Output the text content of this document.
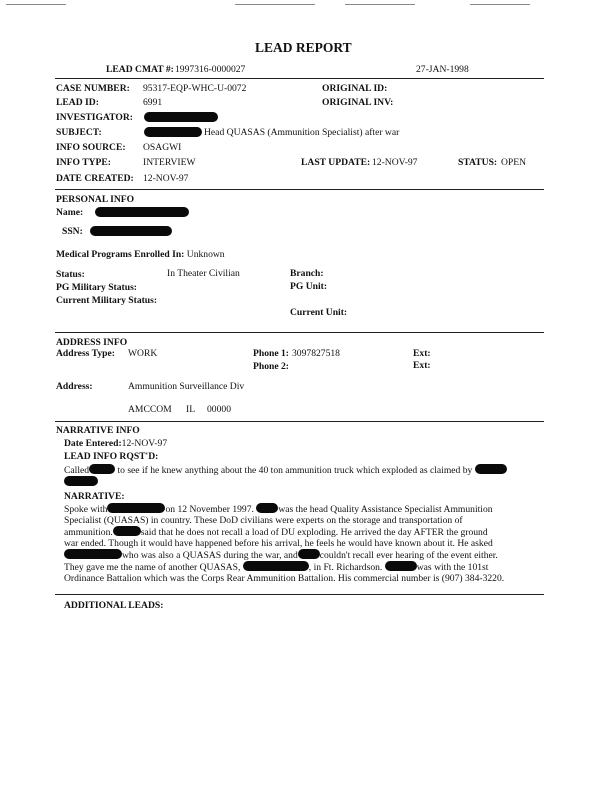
LEAD REPORT
LEAD CMAT #: 1997316-0000027	27-JAN-1998
CASE NUMBER: 95317-EQP-WHC-U-0072	ORIGINAL ID:
LEAD ID:	6991	ORIGINAL INV:
INVESTIGATOR:
SUBJECT:	Head QUASAS (Ammunition Specialist) after war
INFO SOURCE: OSAGWI
INFO TYPE:	INTERVIEW	LAST UPDATE: 12-NOV-97	STATUS: OPEN
DATE CREATED: 12-NOV-97
PERSONAL INFO
Name:
SSN:
Medical Programs Enrolled In: Unknown
Status:	In Theater Civilian	Branch:
PG Military Status:	PG Unit:
Current Military Status:
Current Unit:
ADDRESS INFO
Address Type: WORK	Phone 1: 3097827518	Ext:
Phone 2:	Ext:
Address:	Ammunition Surveillance Div
AMCCOM IL 00000
NARRATIVE INFO
Date Entered:12-NOV-97
LEAD INFO RQST'D:

Called	to see if he knew anything about the 40 ton ammunition truck which exploded as claimed by

NARRATIVE:

Spoke with	on 12 November 1997.	was the head Quality Assistance Specialist Ammunition

Specialist (QUASAS) in country. These DoD civilians were experts on the storage and transportation of

ammunition.	said that he does not recall a load of DU exploding. He arrived the day AFTER the ground

war ended. Though it would have happened before his arrival, he feels he would have known about it. He asked

who was also a QUASAS during the war, and couldn't recall ever hearing of the event either.

They gave me the name of another QUASAS,	, in Ft. Richardson.	was with the 101st

Ordinance Battalion which was the Corps Rear Ammunition Battalion. His commercial number is (907) 384-3220.

ADDITIONAL LEADS:
